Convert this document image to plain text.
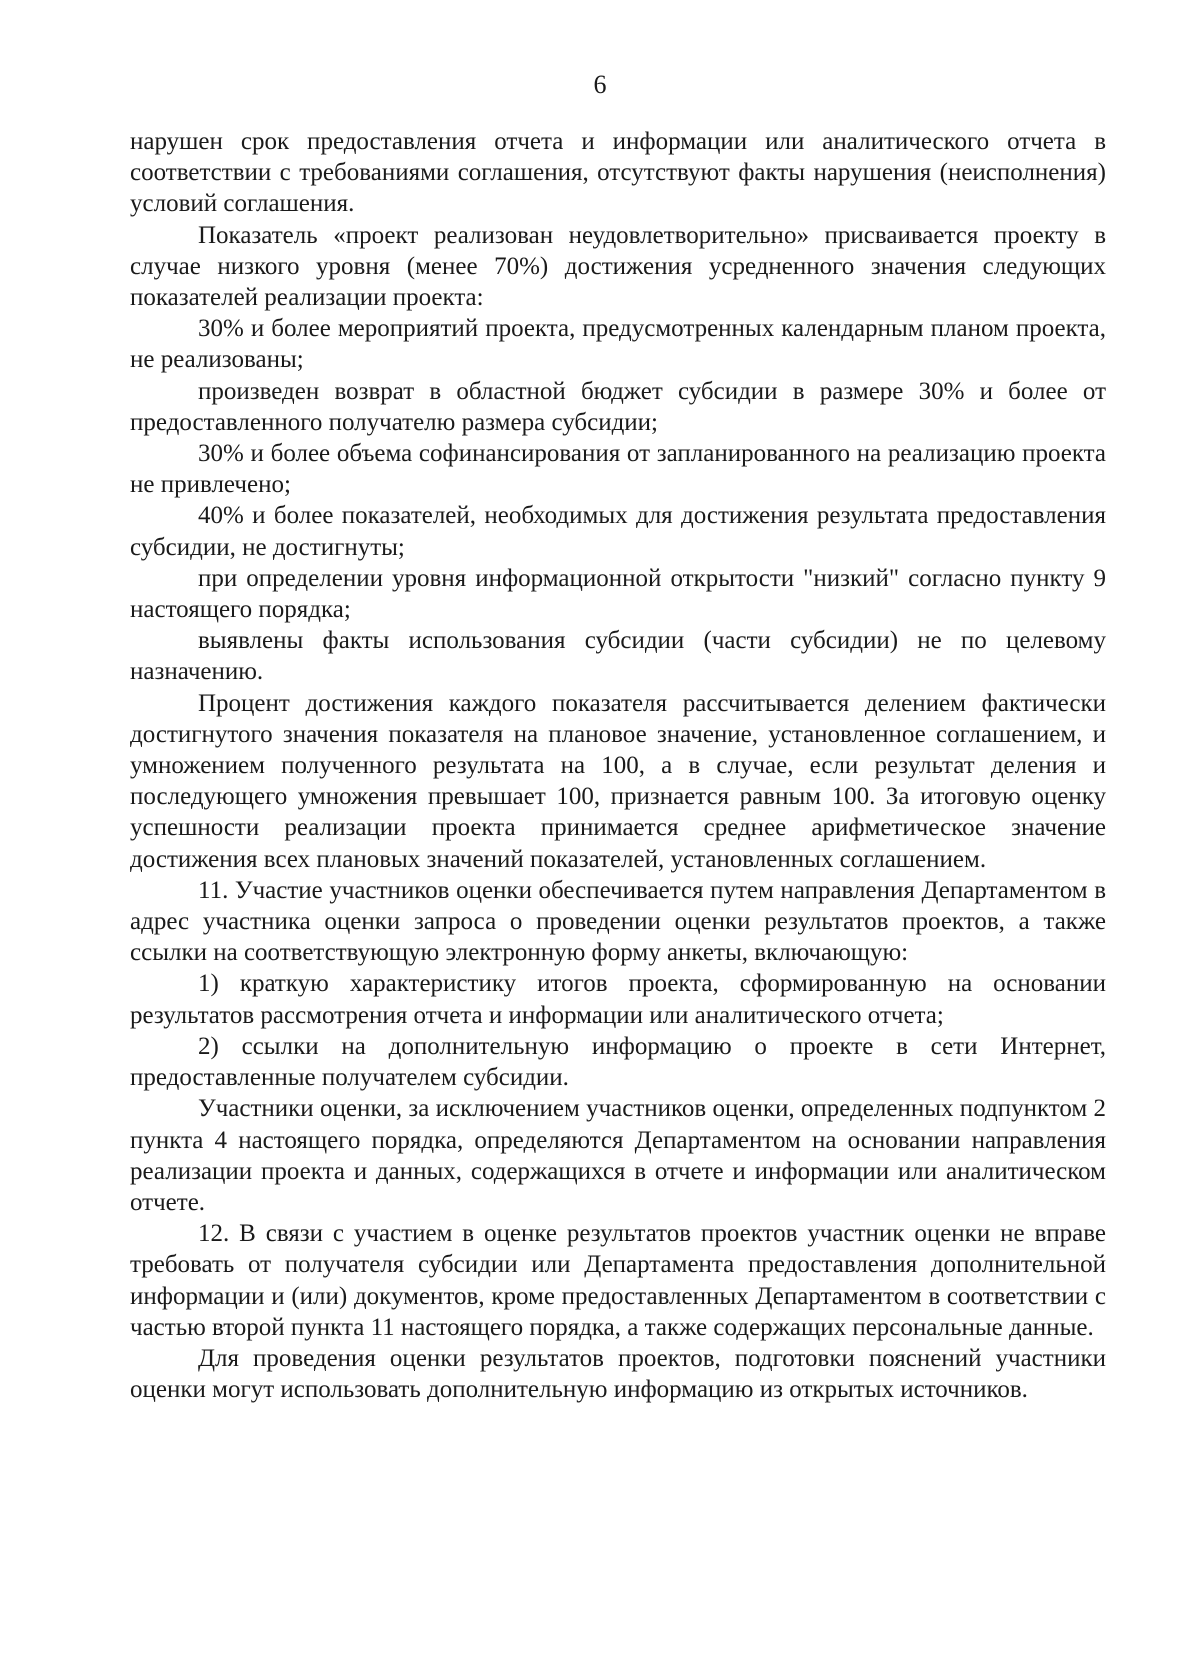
6

нарушен срок предоставления отчета и информации или аналитического отчета в соответствии с требованиями соглашения, отсутствуют факты нарушения (неисполнения) условий соглашения.

Показатель «проект реализован неудовлетворительно» присваивается проекту в случае низкого уровня (менее 70%) достижения усредненного значения следующих показателей реализации проекта:

30% и более мероприятий проекта, предусмотренных календарным планом проекта, не реализованы;

произведен возврат в областной бюджет субсидии в размере 30% и более от предоставленного получателю размера субсидии;

30% и более объема софинансирования от запланированного на реализацию проекта не привлечено;

40% и более показателей, необходимых для достижения результата предоставления субсидии, не достигнуты;

при определении уровня информационной открытости "низкий" согласно пункту 9 настоящего порядка;

выявлены факты использования субсидии (части субсидии) не по целевому назначению.

Процент достижения каждого показателя рассчитывается делением фактически достигнутого значения показателя на плановое значение, установленное соглашением, и умножением полученного результата на 100, а в случае, если результат деления и последующего умножения превышает 100, признается равным 100. За итоговую оценку успешности реализации проекта принимается среднее арифметическое значение достижения всех плановых значений показателей, установленных соглашением.

11. Участие участников оценки обеспечивается путем направления Департаментом в адрес участника оценки запроса о проведении оценки результатов проектов, а также ссылки на соответствующую электронную форму анкеты, включающую:

1) краткую характеристику итогов проекта, сформированную на основании результатов рассмотрения отчета и информации или аналитического отчета;

2) ссылки на дополнительную информацию о проекте в сети Интернет, предоставленные получателем субсидии.

Участники оценки, за исключением участников оценки, определенных подпунктом 2 пункта 4 настоящего порядка, определяются Департаментом на основании направления реализации проекта и данных, содержащихся в отчете и информации или аналитическом отчете.

12. В связи с участием в оценке результатов проектов участник оценки не вправе требовать от получателя субсидии или Департамента предоставления дополнительной информации и (или) документов, кроме предоставленных Департаментом в соответствии с частью второй пункта 11 настоящего порядка, а также содержащих персональные данные.

Для проведения оценки результатов проектов, подготовки пояснений участники оценки могут использовать дополнительную информацию из открытых источников.
